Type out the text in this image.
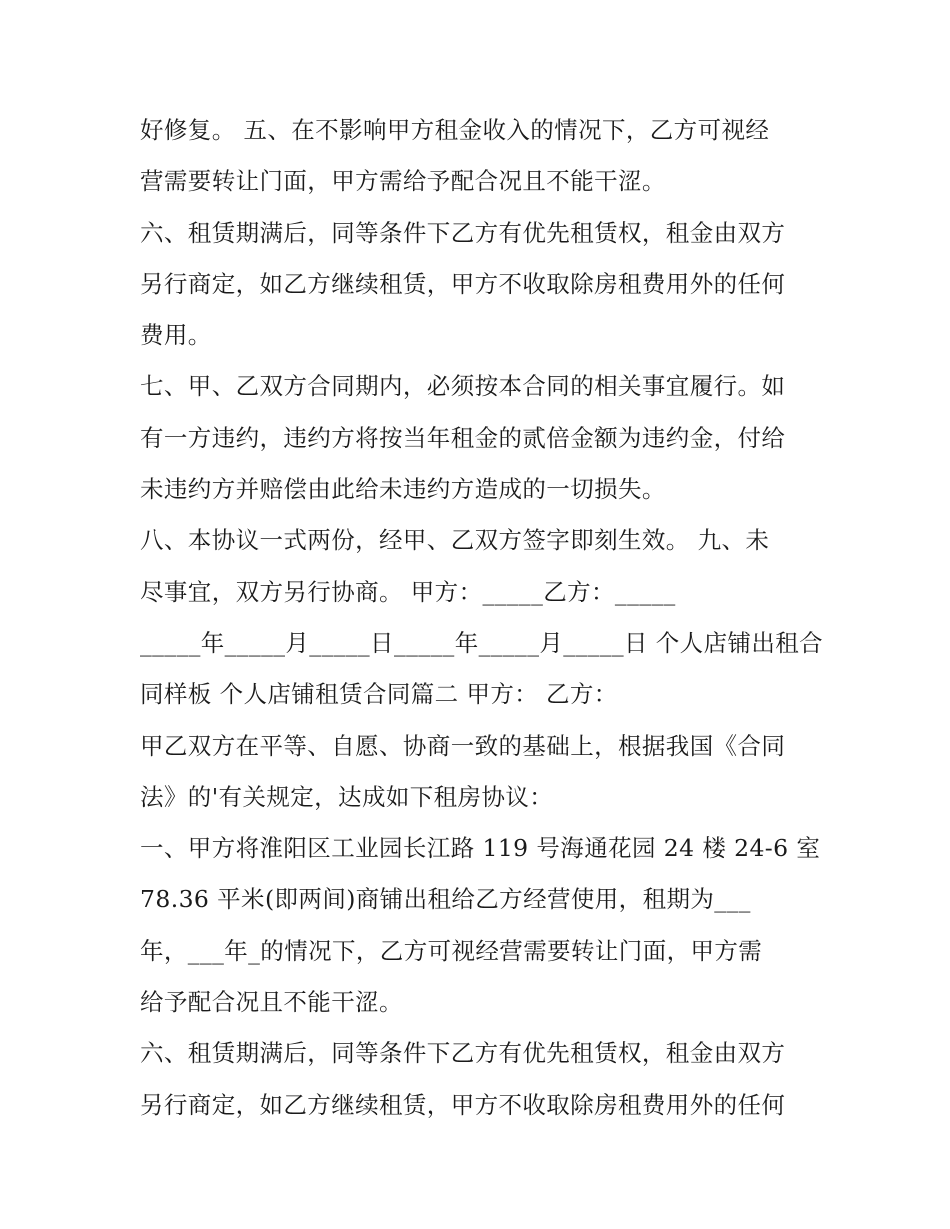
好修复。 五、在不影响甲方租金收入的情况下，乙方可视经
营需要转让门面，甲方需给予配合况且不能干涩。
六、租赁期满后，同等条件下乙方有优先租赁权，租金由双方
另行商定，如乙方继续租赁，甲方不收取除房租费用外的任何
费用。
七、甲、乙双方合同期内，必须按本合同的相关事宜履行。如
有一方违约，违约方将按当年租金的贰倍金额为违约金，付给
未违约方并赔偿由此给未违约方造成的一切损失。
八、本协议一式两份，经甲、乙双方签字即刻生效。 九、未
尽事宜，双方另行协商。 甲方：_____乙方：_____
_____年_____月_____日_____年_____月_____日 个人店铺出租合
同样板 个人店铺租赁合同篇二 甲方： 乙方：
甲乙双方在平等、自愿、协商一致的基础上，根据我国《合同
法》的'有关规定，达成如下租房协议：
一、甲方将淮阳区工业园长江路 119 号海通花园 24 楼 24-6 室
78.36 平米(即两间)商铺出租给乙方经营使用，租期为___
年，___年_的情况下，乙方可视经营需要转让门面，甲方需
给予配合况且不能干涩。
六、租赁期满后，同等条件下乙方有优先租赁权，租金由双方
另行商定，如乙方继续租赁，甲方不收取除房租费用外的任何
